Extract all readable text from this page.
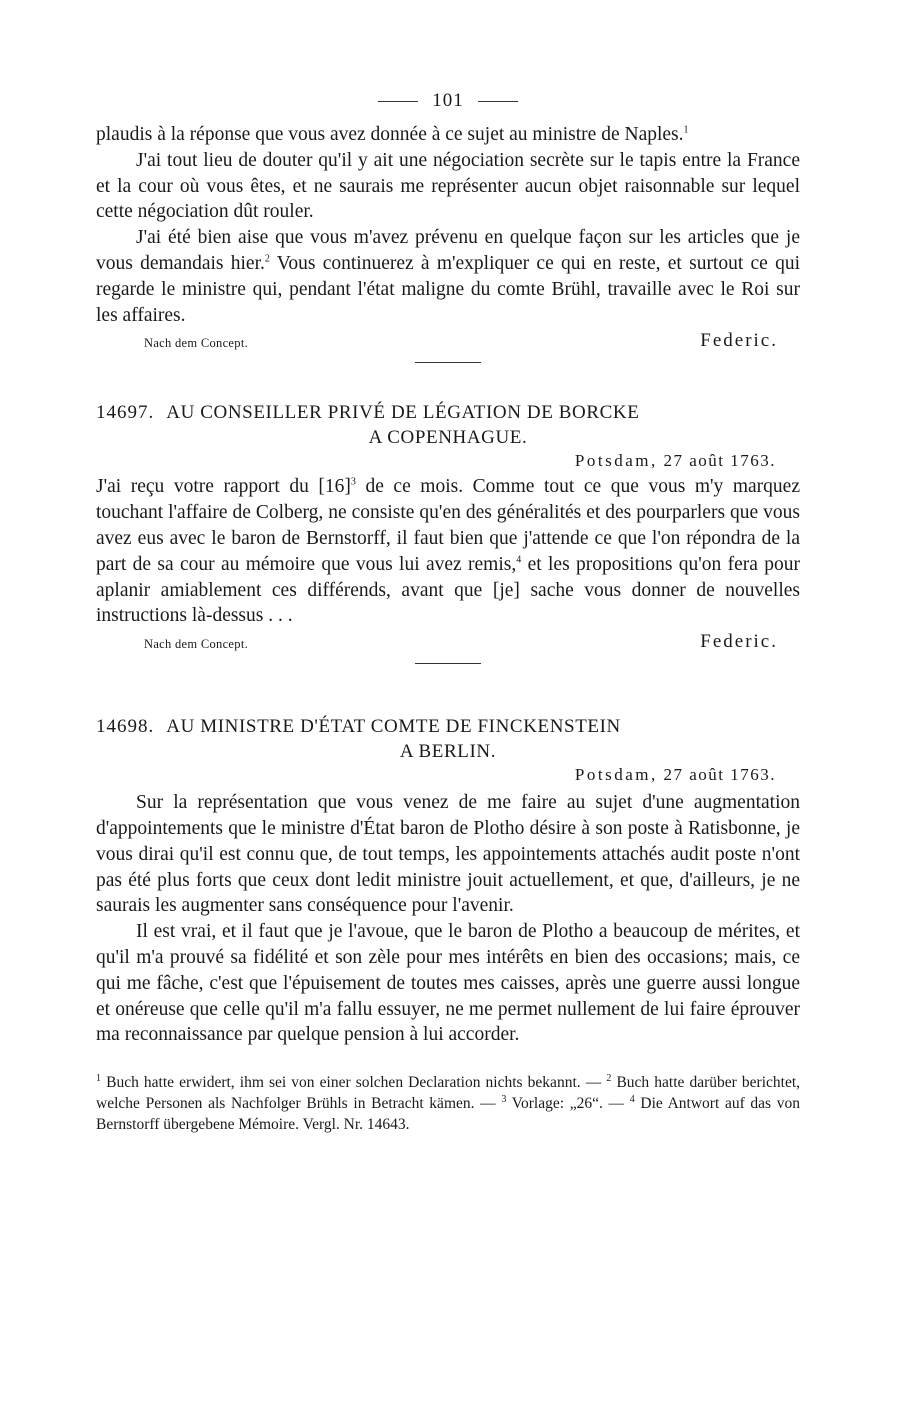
101

plaudis à la réponse que vous avez donnée à ce sujet au ministre de Naples.$^1$

J'ai tout lieu de douter qu'il y ait une négociation secrète sur le tapis entre la France et la cour où vous êtes, et ne saurais me représenter aucun objet raisonnable sur lequel cette négociation dût rouler.

J'ai été bien aise que vous m'avez prévenu en quelque façon sur les articles que je vous demandais hier.$^2$ Vous continuerez à m'expliquer ce qui en reste, et surtout ce qui regarde le ministre qui, pendant l'état maligne du comte Brühl, travaille avec le Roi sur les affaires.

Nach dem Concept.	Federic.
14697. AU CONSEILLER PRIVÉ DE LÉGATION DE BORCKE
A COPENHAGUE.
Potsdam, 27 août 1763.

J'ai reçu votre rapport du $[16]^3$ de ce mois. Comme tout ce que vous m'y marquez touchant l'affaire de Colberg, ne consiste qu'en des généralités et des pourparlers que vous avez eus avec le baron de Bernstorff, il faut bien que j'attende ce que l'on répondra de la part de sa cour au mémoire que vous lui avez remis,$^4$ et les propositions qu'on fera pour aplanir amiablement ces différends, avant que [je] sache vous donner de nouvelles instructions là-dessus . . .

Nach dem Concept.	Federic.
14698. AU MINISTRE D'ÉTAT COMTE DE FINCKENSTEIN
A BERLIN.
Potsdam, 27 août 1763.

Sur la représentation que vous venez de me faire au sujet d'une augmentation d'appointements que le ministre d'État baron de Plotho désire à son poste à Ratisbonne, je vous dirai qu'il est connu que, de tout temps, les appointements attachés audit poste n'ont pas été plus forts que ceux dont ledit ministre jouit actuellement, et que, d'ailleurs, je ne saurais les augmenter sans conséquence pour l'avenir.

Il est vrai, et il faut que je l'avoue, que le baron de Plotho a beaucoup de mérites, et qu'il m'a prouvé sa fidélité et son zèle pour mes intérêts en bien des occasions; mais, ce qui me fâche, c'est que l'épuisement de toutes mes caisses, après une guerre aussi longue et onéreuse que celle qu'il m'a fallu essuyer, ne me permet nullement de lui faire éprouver ma reconnaissance par quelque pension à lui accorder.

$^1$ Buch hatte erwidert, ihm sei von einer solchen Declaration nichts bekannt. — $^2$ Buch hatte darüber berichtet, welche Personen als Nachfolger Brühls in Betracht kämen. — $^3$ Vorlage: „26“. — $^4$ Die Antwort auf das von Bernstorff übergebene Mémoire. Vergl. Nr. 14643.
